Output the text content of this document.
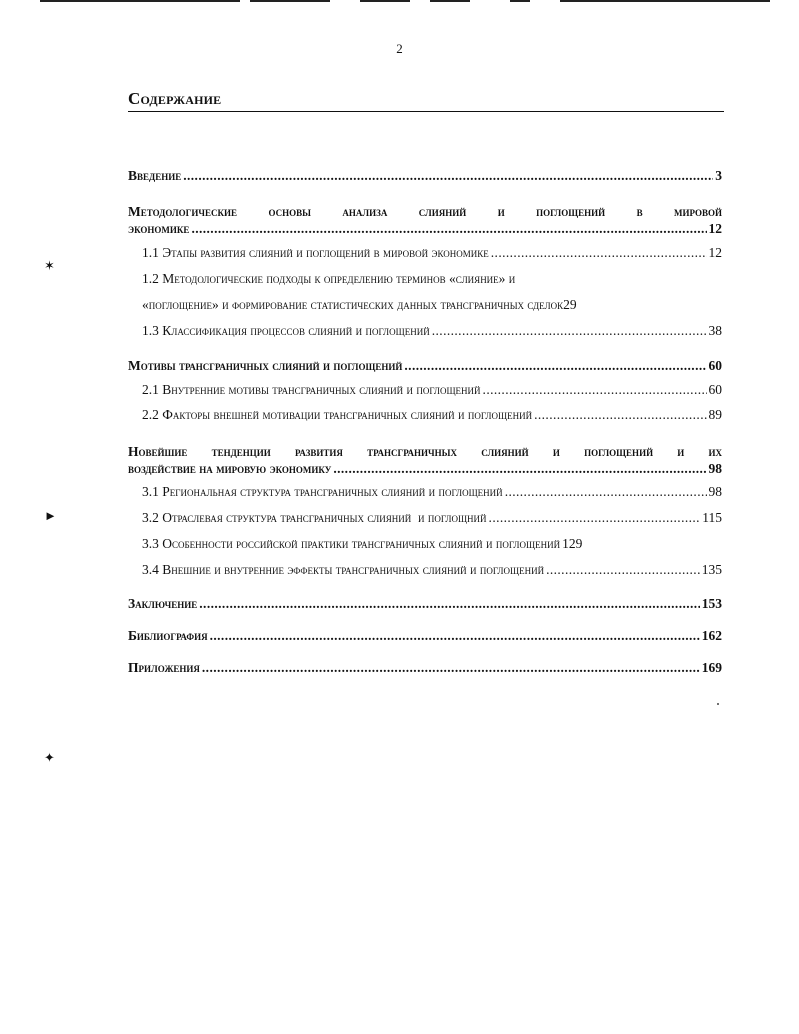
2
Содержание
Введение .....	3
Методологические основы анализа слияний и поглощений в мировой
экономике .....	12
1.1 Этапы развития слияний и поглощений в мировой экономике .....	12
1.2 Методологические подходы к определению терминов «слияние» и
«поглощение» и формирование статистических данных трансграничных сделок 29
1.3 Классификация процессов слияний и поглощений .....	38
Мотивы трансграничных слияний и поглощений .....	60
2.1 Внутренние мотивы трансграничных слияний и поглощений .....	60
2.2 Факторы внешней мотивации трансграничных слияний и поглощений .....	89
Новейшие тенденции развития трансграничных слияний и поглощений и их
воздействие на мировую экономику .....	98
3.1 Региональная структура трансграничных слияний и поглощений .....	98
3.2 Отраслевая структура трансграничных слияний  и поглощний .....	115
3.3 Особенности российской практики трансграничных слияний и поглощений 129
3.4 Внешние и внутренние эффекты трансграничных слияний и поглощений .....	135
Заключение .....	153
Библиография .....	162
Приложения .....	169
✶
►
✦
